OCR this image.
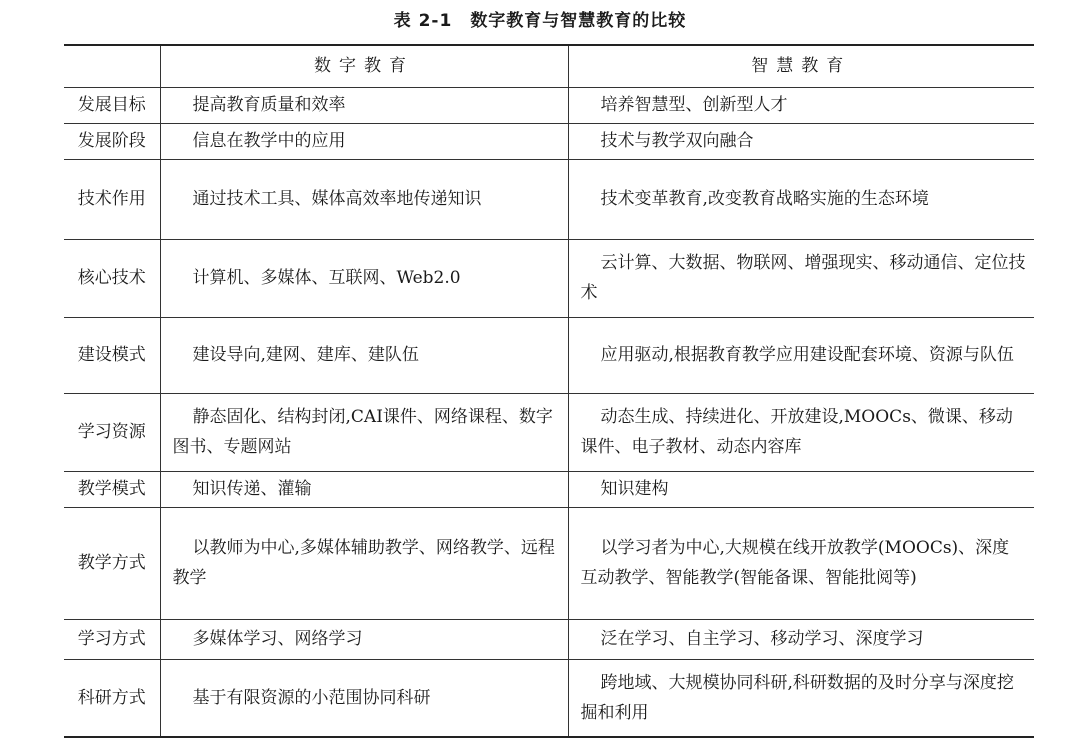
表 2-1 数字教育与智慧教育的比较
	数字教育	智慧教育
发展目标	提高教育质量和效率	培养智慧型、创新型人才
发展阶段	信息在教学中的应用	技术与教学双向融合
技术作用	通过技术工具、媒体高效率地传递知识	技术变革教育,改变教育战略实施的生态环境
核心技术	计算机、多媒体、互联网、Web2.0	云计算、大数据、物联网、增强现实、移动通信、定位技术
建设模式	建设导向,建网、建库、建队伍	应用驱动,根据教育教学应用建设配套环境、资源与队伍
学习资源	静态固化、结构封闭,CAI课件、网络课程、数字图书、专题网站	动态生成、持续进化、开放建设,MOOCs、微课、移动课件、电子教材、动态内容库
教学模式	知识传递、灌输	知识建构
教学方式	以教师为中心,多媒体辅助教学、网络教学、远程教学	以学习者为中心,大规模在线开放教学(MOOCs)、深度互动教学、智能教学(智能备课、智能批阅等)
学习方式	多媒体学习、网络学习	泛在学习、自主学习、移动学习、深度学习
科研方式	基于有限资源的小范围协同科研	跨地域、大规模协同科研,科研数据的及时分享与深度挖掘和利用
